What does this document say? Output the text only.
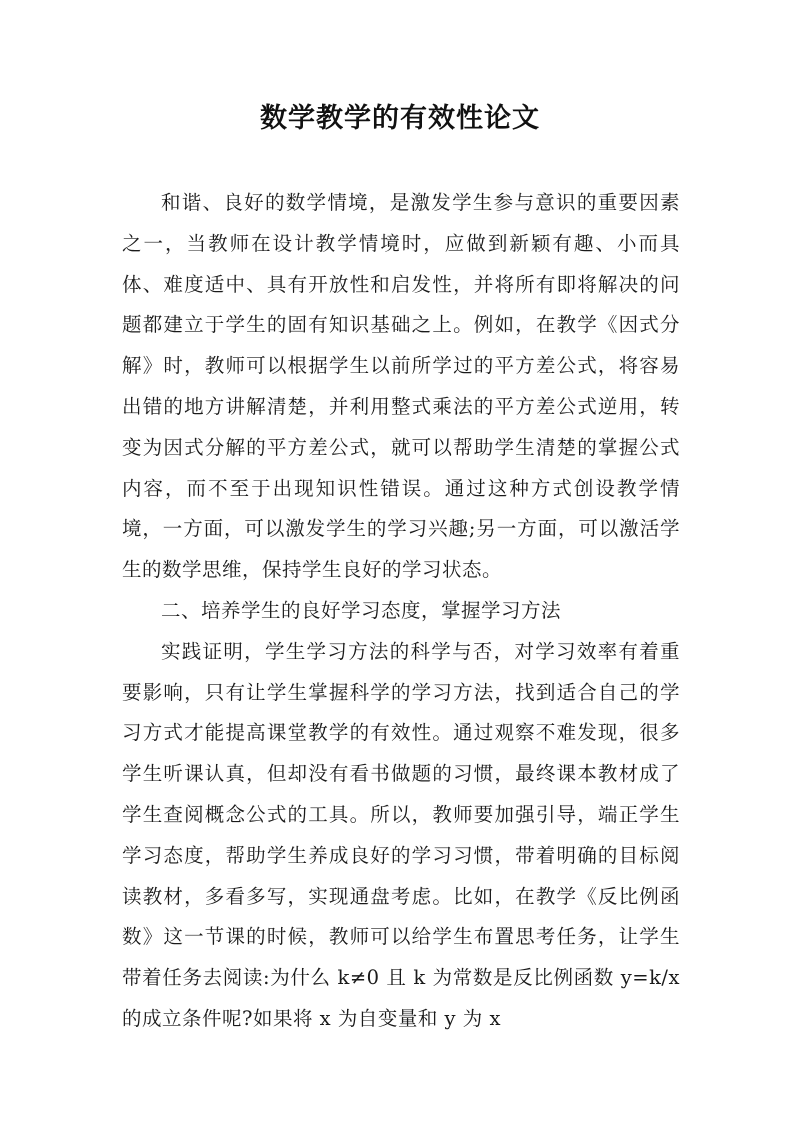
数学教学的有效性论文

和谐、良好的数学情境，是激发学生参与意识的重要因素之一，当教师在设计教学情境时，应做到新颖有趣、小而具体、难度适中、具有开放性和启发性，并将所有即将解决的问题都建立于学生的固有知识基础之上。例如，在教学《因式分解》时，教师可以根据学生以前所学过的平方差公式，将容易出错的地方讲解清楚，并利用整式乘法的平方差公式逆用，转变为因式分解的平方差公式，就可以帮助学生清楚的掌握公式内容，而不至于出现知识性错误。通过这种方式创设教学情境，一方面，可以激发学生的学习兴趣;另一方面，可以激活学生的数学思维，保持学生良好的学习状态。

二、培养学生的良好学习态度，掌握学习方法

实践证明，学生学习方法的科学与否，对学习效率有着重要影响，只有让学生掌握科学的学习方法，找到适合自己的学习方式才能提高课堂教学的有效性。通过观察不难发现，很多学生听课认真，但却没有看书做题的习惯，最终课本教材成了学生查阅概念公式的工具。所以，教师要加强引导，端正学生学习态度，帮助学生养成良好的学习习惯，带着明确的目标阅读教材，多看多写，实现通盘考虑。比如，在教学《反比例函数》这一节课的时候，教师可以给学生布置思考任务，让学生带着任务去阅读:为什么 k≠0 且 k 为常数是反比例函数 y=k/x 的成立条件呢?如果将 x 为自变量和 y 为 x
